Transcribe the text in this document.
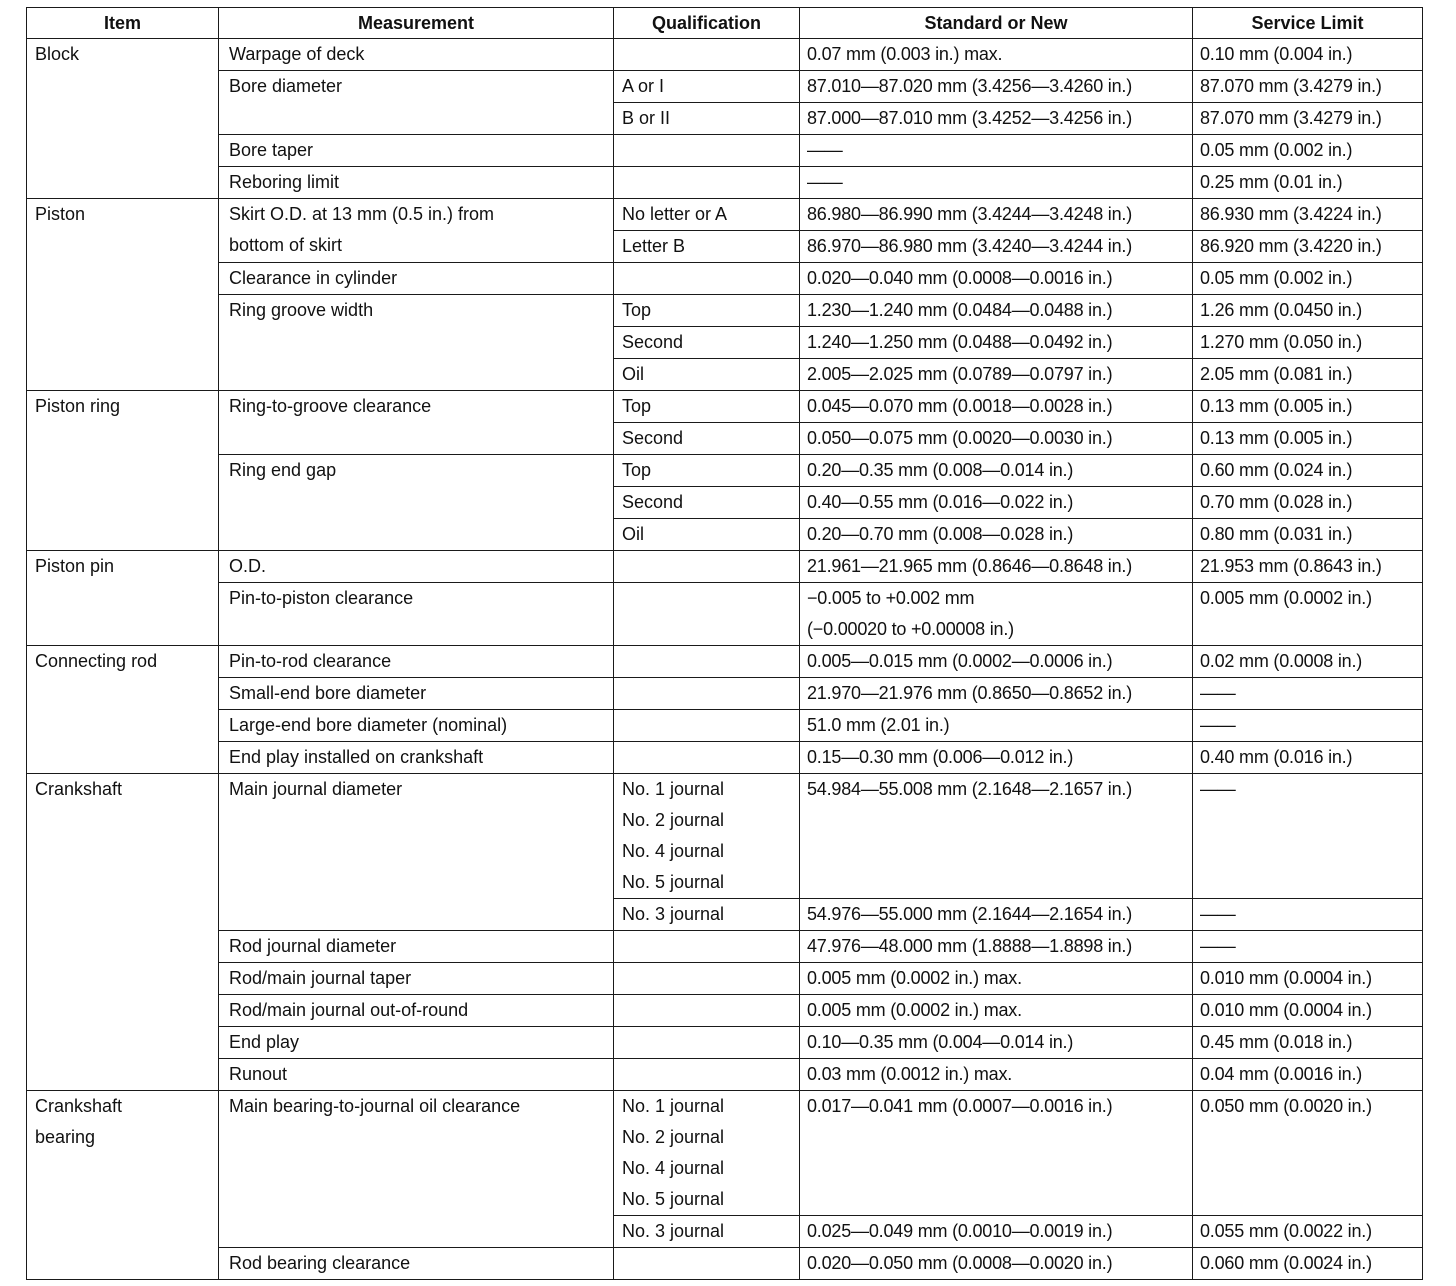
Item	Measurement	Qualification	Standard or New	Service Limit

Block	Warpage of deck		0.07 mm (0.003 in.) max.	0.10 mm (0.004 in.)

	Bore diameter	A or I	87.010—87.020 mm (3.4256—3.4260 in.)	87.070 mm (3.4279 in.)

		B or II	87.000—87.010 mm (3.4252—3.4256 in.)	87.070 mm (3.4279 in.)

	Bore taper		——	0.05 mm (0.002 in.)

	Reboring limit		——	0.25 mm (0.01 in.)

Piston	Skirt O.D. at 13 mm (0.5 in.) from
bottom of skirt	No letter or A	86.980—86.990 mm (3.4244—3.4248 in.)	86.930 mm (3.4224 in.)

		Letter B	86.970—86.980 mm (3.4240—3.4244 in.)	86.920 mm (3.4220 in.)

	Clearance in cylinder		0.020—0.040 mm (0.0008—0.0016 in.)	0.05 mm (0.002 in.)

	Ring groove width	Top	1.230—1.240 mm (0.0484—0.0488 in.)	1.26 mm (0.0450 in.)

		Second	1.240—1.250 mm (0.0488—0.0492 in.)	1.270 mm (0.050 in.)

		Oil	2.005—2.025 mm (0.0789—0.0797 in.)	2.05 mm (0.081 in.)

Piston ring	Ring-to-groove clearance	Top	0.045—0.070 mm (0.0018—0.0028 in.)	0.13 mm (0.005 in.)

		Second	0.050—0.075 mm (0.0020—0.0030 in.)	0.13 mm (0.005 in.)

	Ring end gap	Top	0.20—0.35 mm (0.008—0.014 in.)	0.60 mm (0.024 in.)

		Second	0.40—0.55 mm (0.016—0.022 in.)	0.70 mm (0.028 in.)

		Oil	0.20—0.70 mm (0.008—0.028 in.)	0.80 mm (0.031 in.)

Piston pin	O.D.		21.961—21.965 mm (0.8646—0.8648 in.)	21.953 mm (0.8643 in.)

	Pin-to-piston clearance		−0.005 to +0.002 mm
(−0.00020 to +0.00008 in.)	0.005 mm (0.0002 in.)

Connecting rod	Pin-to-rod clearance		0.005—0.015 mm (0.0002—0.0006 in.)	0.02 mm (0.0008 in.)

	Small-end bore diameter		21.970—21.976 mm (0.8650—0.8652 in.)	——

	Large-end bore diameter (nominal)		51.0 mm (2.01 in.)	——

	End play installed on crankshaft		0.15—0.30 mm (0.006—0.012 in.)	0.40 mm (0.016 in.)

Crankshaft	Main journal diameter	No. 1 journal
No. 2 journal
No. 4 journal
No. 5 journal	54.984—55.008 mm (2.1648—2.1657 in.)	——

		No. 3 journal	54.976—55.000 mm (2.1644—2.1654 in.)	——

	Rod journal diameter		47.976—48.000 mm (1.8888—1.8898 in.)	——

	Rod/main journal taper		0.005 mm (0.0002 in.) max.	0.010 mm (0.0004 in.)

	Rod/main journal out-of-round		0.005 mm (0.0002 in.) max.	0.010 mm (0.0004 in.)

	End play		0.10—0.35 mm (0.004—0.014 in.)	0.45 mm (0.018 in.)

	Runout		0.03 mm (0.0012 in.) max.	0.04 mm (0.0016 in.)

Crankshaft
bearing	Main bearing-to-journal oil clearance	No. 1 journal
No. 2 journal
No. 4 journal
No. 5 journal	0.017—0.041 mm (0.0007—0.0016 in.)	0.050 mm (0.0020 in.)

		No. 3 journal	0.025—0.049 mm (0.0010—0.0019 in.)	0.055 mm (0.0022 in.)

	Rod bearing clearance		0.020—0.050 mm (0.0008—0.0020 in.)	0.060 mm (0.0024 in.)
